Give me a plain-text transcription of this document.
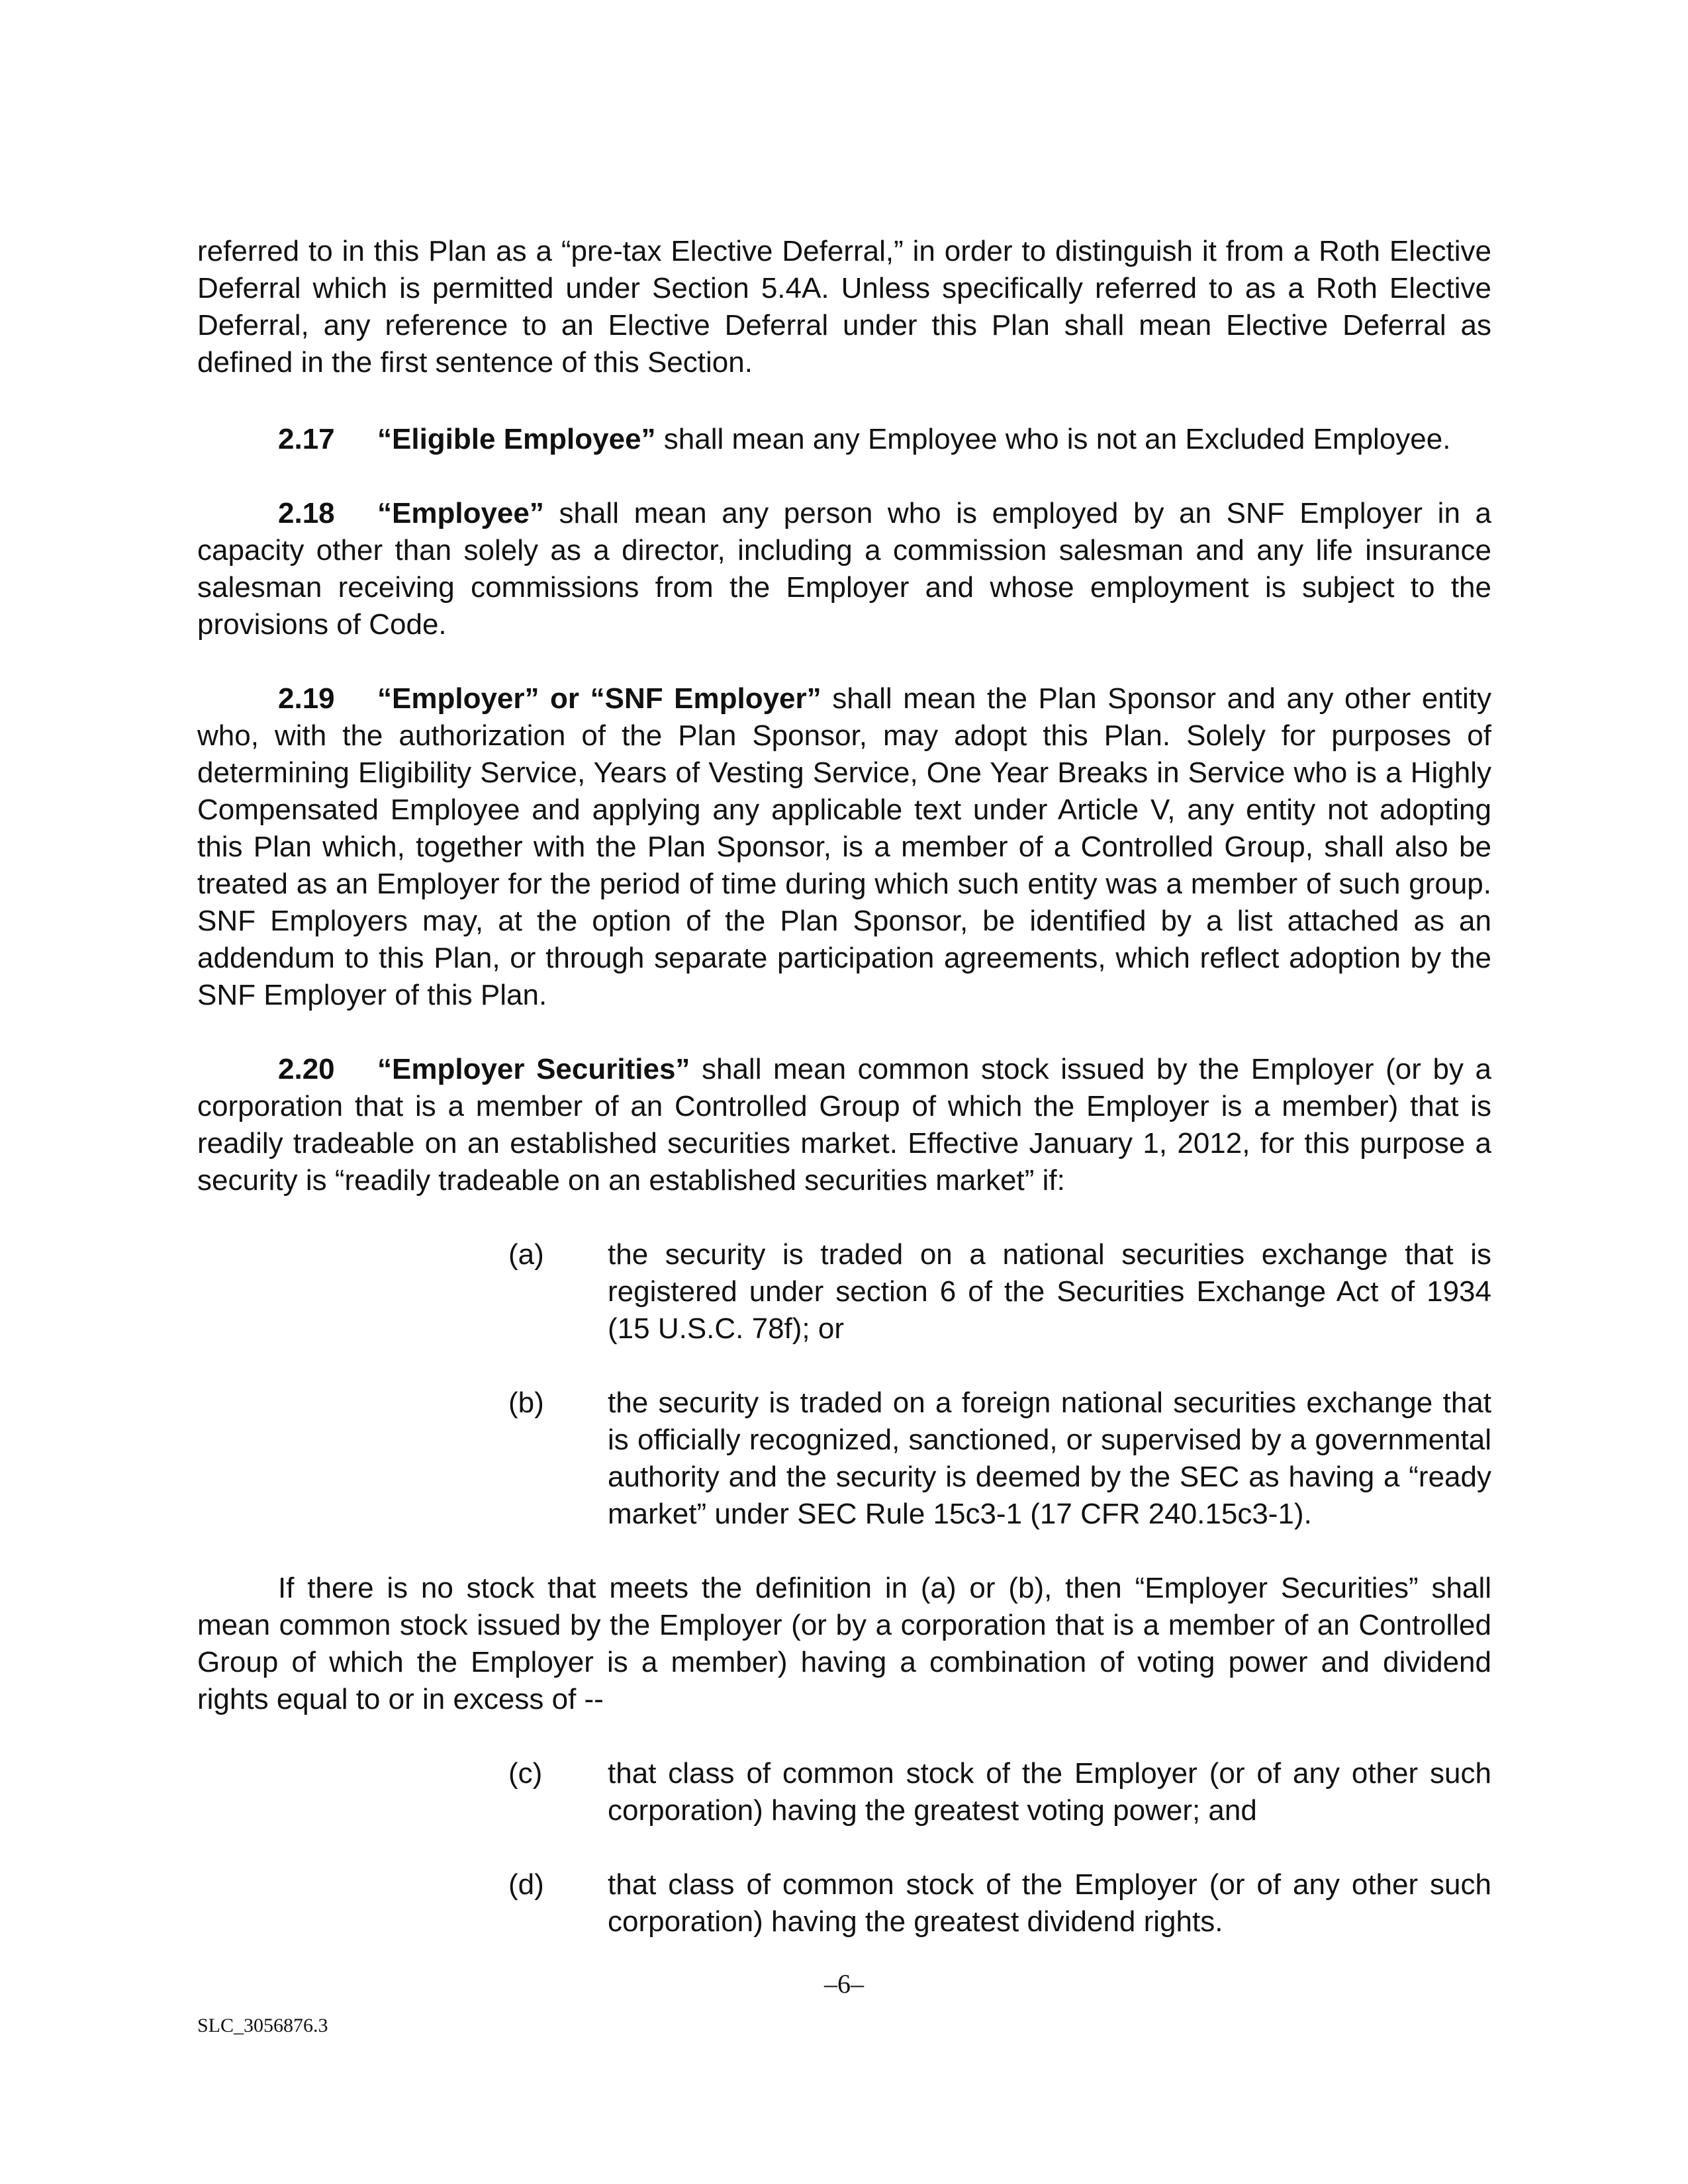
referred to in this Plan as a “pre-tax Elective Deferral,” in order to distinguish it from a Roth Elective Deferral which is permitted under Section 5.4A. Unless specifically referred to as a Roth Elective Deferral, any reference to an Elective Deferral under this Plan shall mean Elective Deferral as defined in the first sentence of this Section.

2.17 “Eligible Employee” shall mean any Employee who is not an Excluded Employee.

2.18 “Employee” shall mean any person who is employed by an SNF Employer in a capacity other than solely as a director, including a commission salesman and any life insurance salesman receiving commissions from the Employer and whose employment is subject to the provisions of Code.

2.19 “Employer” or “SNF Employer” shall mean the Plan Sponsor and any other entity who, with the authorization of the Plan Sponsor, may adopt this Plan. Solely for purposes of determining Eligibility Service, Years of Vesting Service, One Year Breaks in Service who is a Highly Compensated Employee and applying any applicable text under Article V, any entity not adopting this Plan which, together with the Plan Sponsor, is a member of a Controlled Group, shall also be treated as an Employer for the period of time during which such entity was a member of such group. SNF Employers may, at the option of the Plan Sponsor, be identified by a list attached as an addendum to this Plan, or through separate participation agreements, which reflect adoption by the SNF Employer of this Plan.

2.20 “Employer Securities” shall mean common stock issued by the Employer (or by a corporation that is a member of an Controlled Group of which the Employer is a member) that is readily tradeable on an established securities market. Effective January 1, 2012, for this purpose a security is “readily tradeable on an established securities market” if:

(a) the security is traded on a national securities exchange that is registered under section 6 of the Securities Exchange Act of 1934 (15 U.S.C. 78f); or
(b) the security is traded on a foreign national securities exchange that is officially recognized, sanctioned, or supervised by a governmental authority and the security is deemed by the SEC as having a “ready market” under SEC Rule 15c3-1 (17 CFR 240.15c3-1).

If there is no stock that meets the definition in (a) or (b), then “Employer Securities” shall mean common stock issued by the Employer (or by a corporation that is a member of an Controlled Group of which the Employer is a member) having a combination of voting power and dividend rights equal to or in excess of --

(c) that class of common stock of the Employer (or of any other such corporation) having the greatest voting power; and
(d) that class of common stock of the Employer (or of any other such corporation) having the greatest dividend rights.
–6–
SLC_3056876.3
